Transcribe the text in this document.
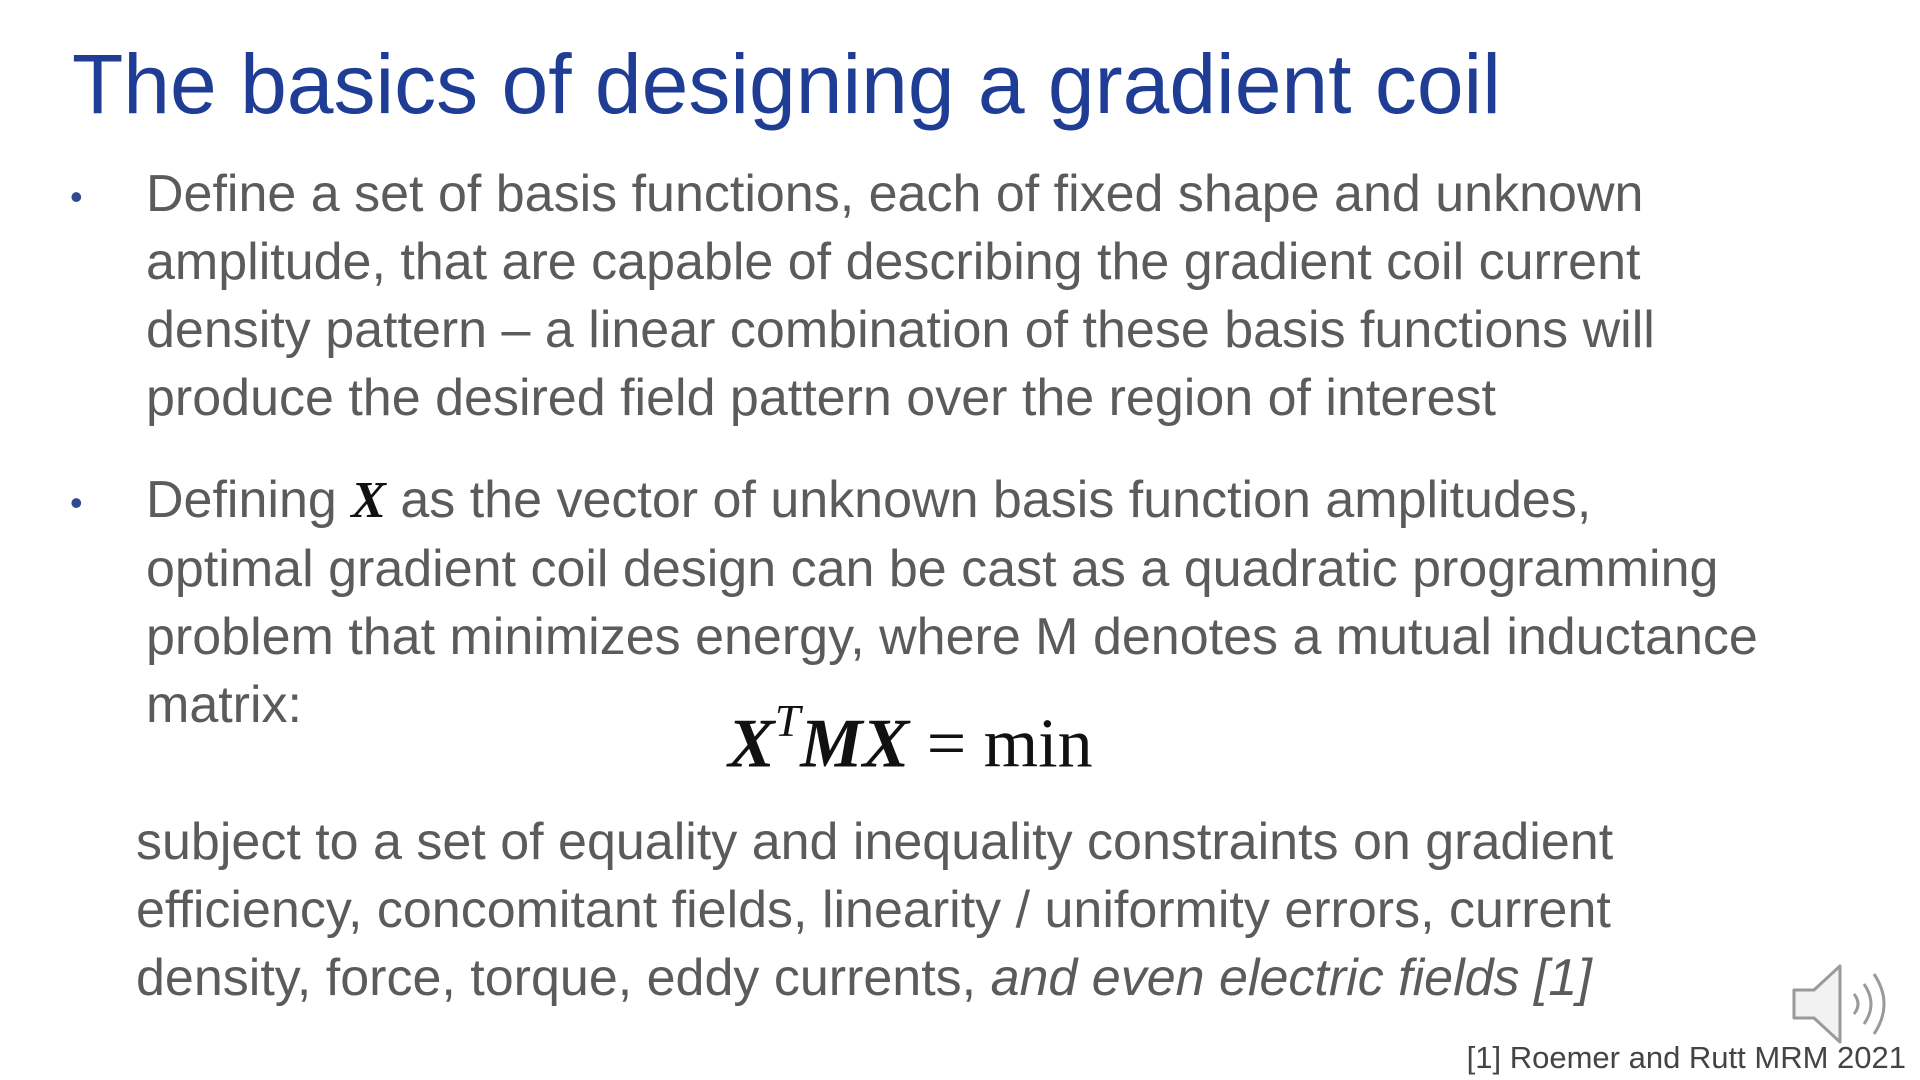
The basics of designing a gradient coil
• Define a set of basis functions, each of fixed shape and unknown
amplitude, that are capable of describing the gradient coil current
density pattern – a linear combination of these basis functions will
produce the desired field pattern over the region of interest
• Defining X as the vector of unknown basis function amplitudes,
optimal gradient coil design can be cast as a quadratic programming
problem that minimizes energy, where M denotes a mutual inductance
matrix:
$X^TMX = \min$
subject to a set of equality and inequality constraints on gradient
efficiency, concomitant fields, linearity / uniformity errors, current
density, force, torque, eddy currents, and even electric fields [1]
[1] Roemer and Rutt MRM 2021
